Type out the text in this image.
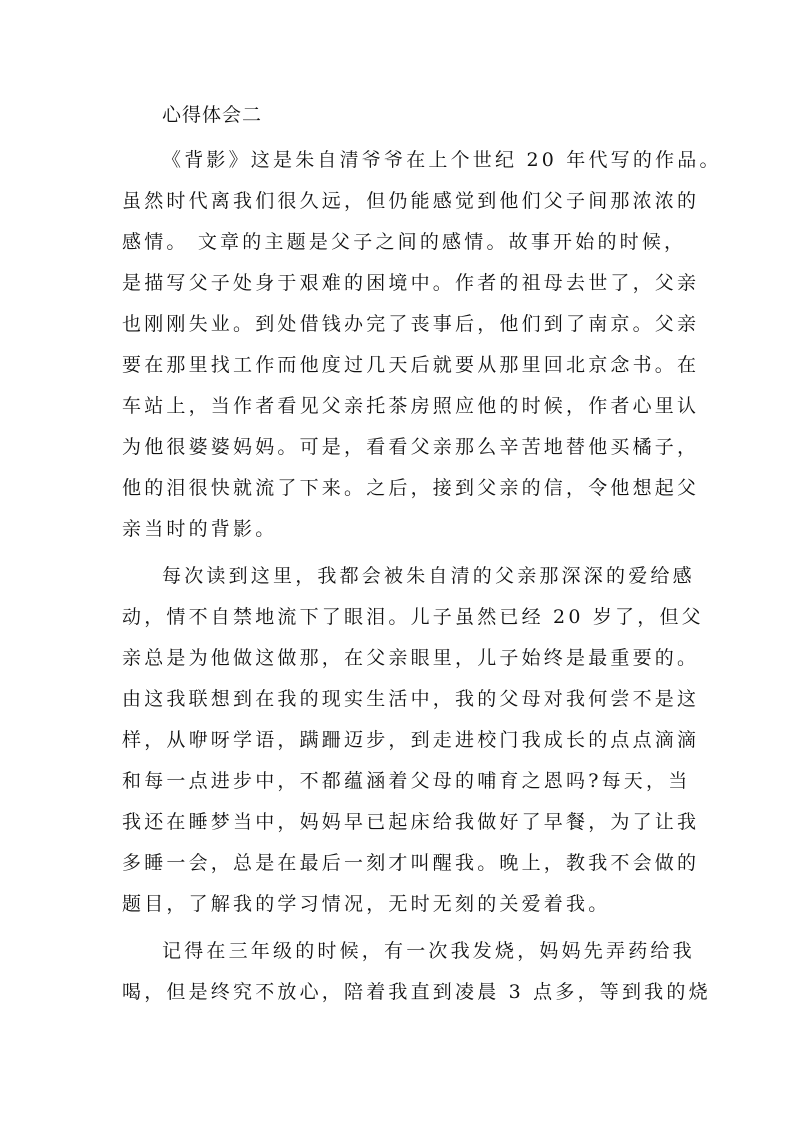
心得体会二
《背影》这是朱自清爷爷在上个世纪 20 年代写的作品。
虽然时代离我们很久远，但仍能感觉到他们父子间那浓浓的
感情。 文章的主题是父子之间的感情。故事开始的时候，
是描写父子处身于艰难的困境中。作者的祖母去世了，父亲
也刚刚失业。到处借钱办完了丧事后，他们到了南京。父亲
要在那里找工作而他度过几天后就要从那里回北京念书。在
车站上，当作者看见父亲托茶房照应他的时候，作者心里认
为他很婆婆妈妈。可是，看看父亲那么辛苦地替他买橘子，
他的泪很快就流了下来。之后，接到父亲的信，令他想起父
亲当时的背影。
每次读到这里，我都会被朱自清的父亲那深深的爱给感
动，情不自禁地流下了眼泪。儿子虽然已经 20 岁了，但父
亲总是为他做这做那，在父亲眼里，儿子始终是最重要的。
由这我联想到在我的现实生活中，我的父母对我何尝不是这
样，从咿呀学语，蹒跚迈步，到走进校门我成长的点点滴滴
和每一点进步中，不都蕴涵着父母的哺育之恩吗?每天，当
我还在睡梦当中，妈妈早已起床给我做好了早餐，为了让我
多睡一会，总是在最后一刻才叫醒我。晚上，教我不会做的
题目，了解我的学习情况，无时无刻的关爱着我。
记得在三年级的时候，有一次我发烧，妈妈先弄药给我
喝，但是终究不放心，陪着我直到凌晨 3 点多，等到我的烧
